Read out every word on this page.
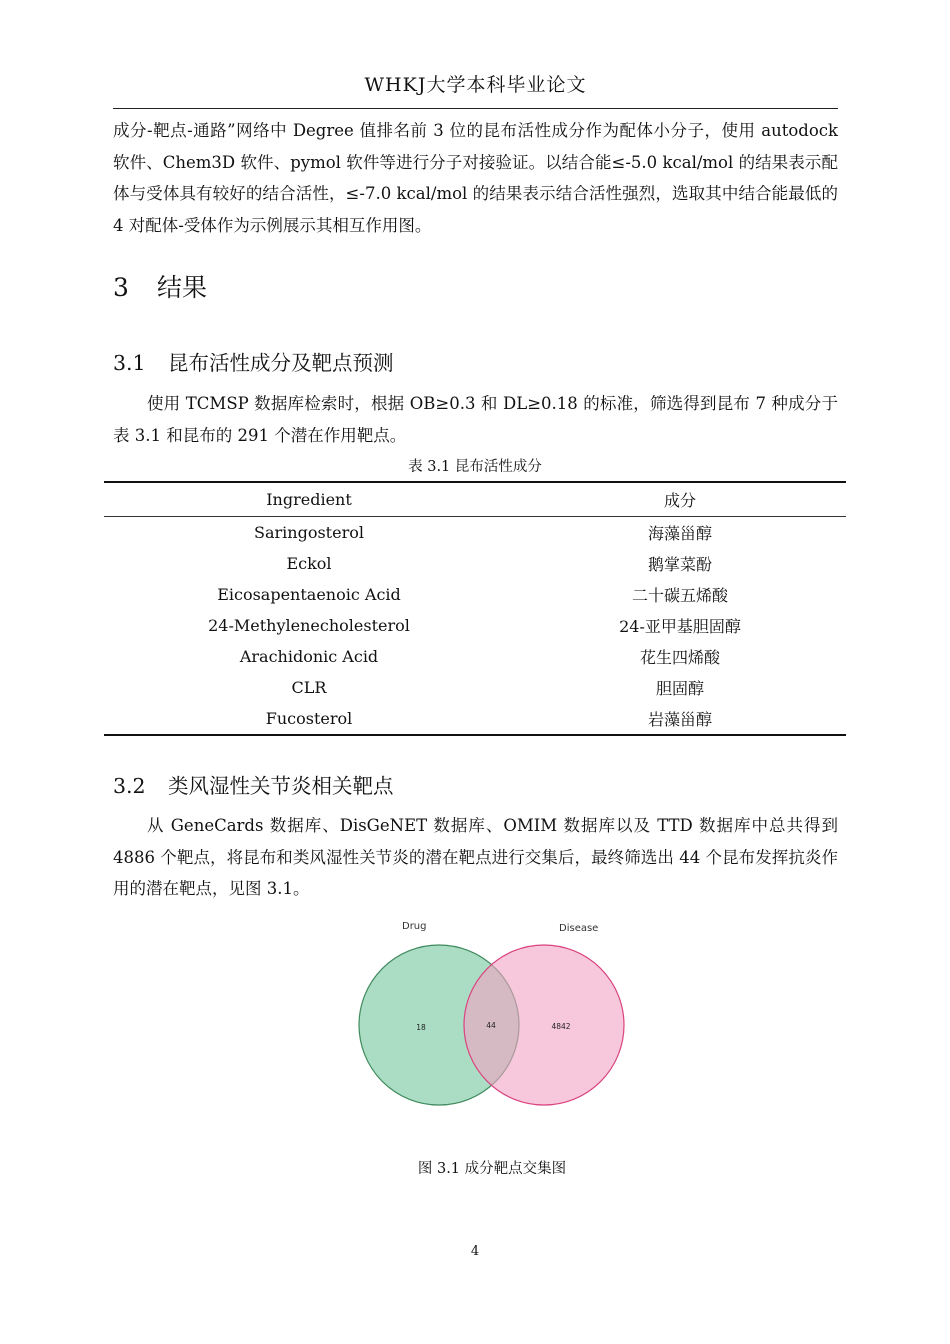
WHKJ大学本科毕业论文

成分-靶点-通路”网络中 Degree 值排名前 3 位的昆布活性成分作为配体小分子，使用 autodock 软件、Chem3D 软件、pymol 软件等进行分子对接验证。以结合能≤-5.0 kcal/mol 的结果表示配体与受体具有较好的结合活性，≤-7.0 kcal/mol 的结果表示结合活性强烈，选取其中结合能最低的 4 对配体-受体作为示例展示其相互作用图。

3 结果
3.1 昆布活性成分及靶点预测

使用 TCMSP 数据库检索时，根据 OB≥0.3 和 DL≥0.18 的标准，筛选得到昆布 7 种成分于表 3.1 和昆布的 291 个潜在作用靶点。

表 3.1 昆布活性成分
Ingredient	成分
Saringosterol	海藻甾醇
Eckol	鹅掌菜酚
Eicosapentaenoic Acid	二十碳五烯酸
24-Methylenecholesterol	24-亚甲基胆固醇
Arachidonic Acid	花生四烯酸
CLR	胆固醇
Fucosterol	岩藻甾醇
3.2 类风湿性关节炎相关靶点

从 GeneCards 数据库、DisGeNET 数据库、OMIM 数据库以及 TTD 数据库中总共得到 4886 个靶点，将昆布和类风湿性关节炎的潜在靶点进行交集后，最终筛选出 44 个昆布发挥抗炎作用的潜在靶点，见图 3.1。

Drug	Disease
18	44	4842
图 3.1 成分靶点交集图
4
